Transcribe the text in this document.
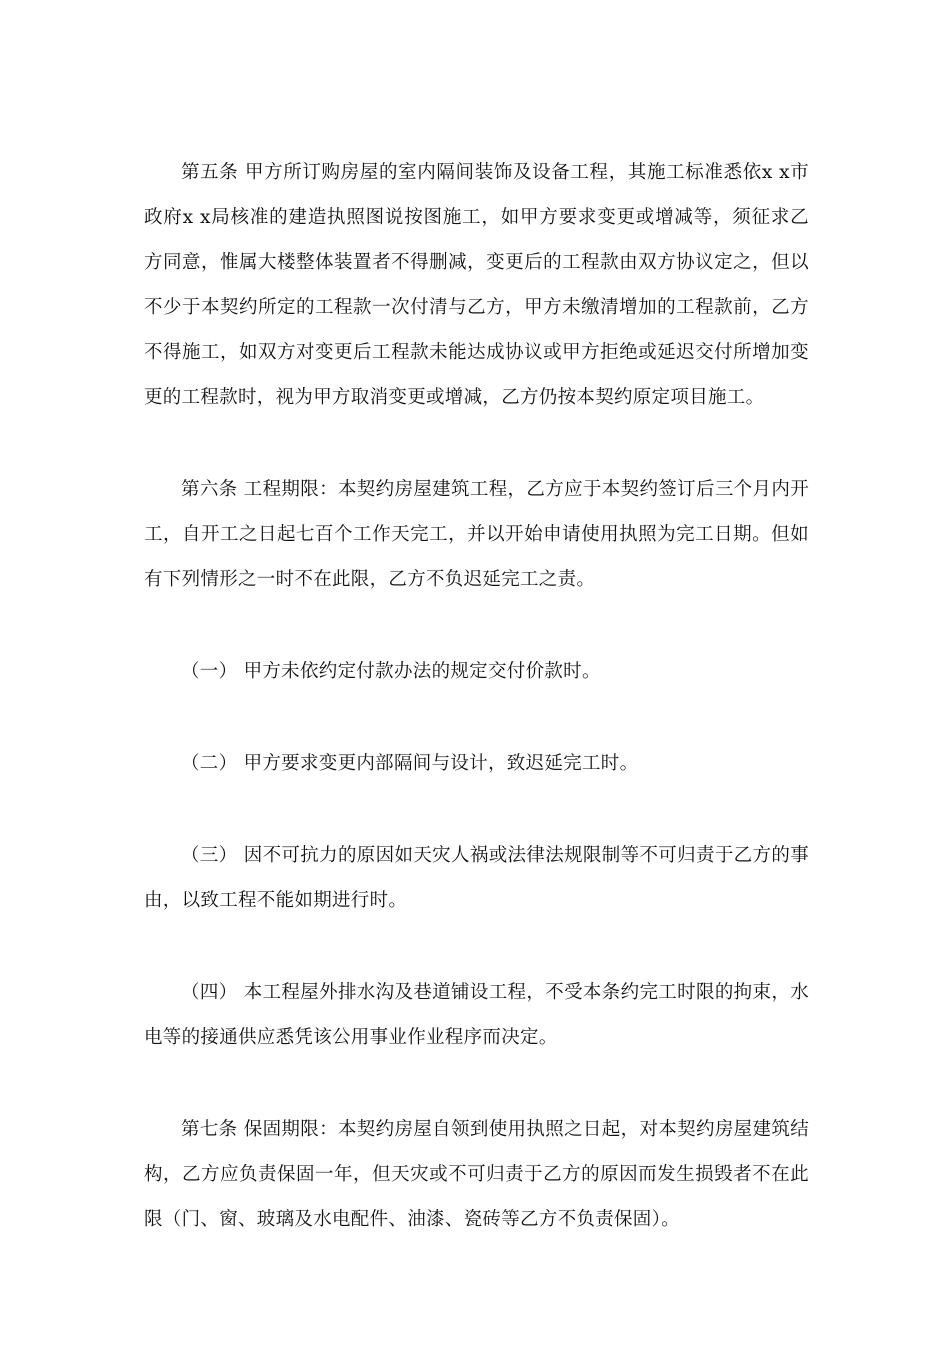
第五条 甲方所订购房屋的室内隔间装饰及设备工程，其施工标准悉依x x市政府x x局核准的建造执照图说按图施工，如甲方要求变更或增减等，须征求乙方同意，惟属大楼整体装置者不得删减，变更后的工程款由双方协议定之，但以不少于本契约所定的工程款一次付清与乙方，甲方未缴清增加的工程款前，乙方不得施工，如双方对变更后工程款未能达成协议或甲方拒绝或延迟交付所增加变更的工程款时，视为甲方取消变更或增减，乙方仍按本契约原定项目施工。

第六条 工程期限：本契约房屋建筑工程，乙方应于本契约签订后三个月内开工，自开工之日起七百个工作天完工，并以开始申请使用执照为完工日期。但如有下列情形之一时不在此限，乙方不负迟延完工之责。

（一） 甲方未依约定付款办法的规定交付价款时。

（二） 甲方要求变更内部隔间与设计，致迟延完工时。

（三） 因不可抗力的原因如天灾人祸或法律法规限制等不可归责于乙方的事由，以致工程不能如期进行时。

（四） 本工程屋外排水沟及巷道铺设工程，不受本条约完工时限的拘束，水电等的接通供应悉凭该公用事业作业程序而决定。

第七条 保固期限：本契约房屋自领到使用执照之日起，对本契约房屋建筑结构，乙方应负责保固一年，但天灾或不可归责于乙方的原因而发生损毁者不在此限（门、窗、玻璃及水电配件、油漆、瓷砖等乙方不负责保固）。
